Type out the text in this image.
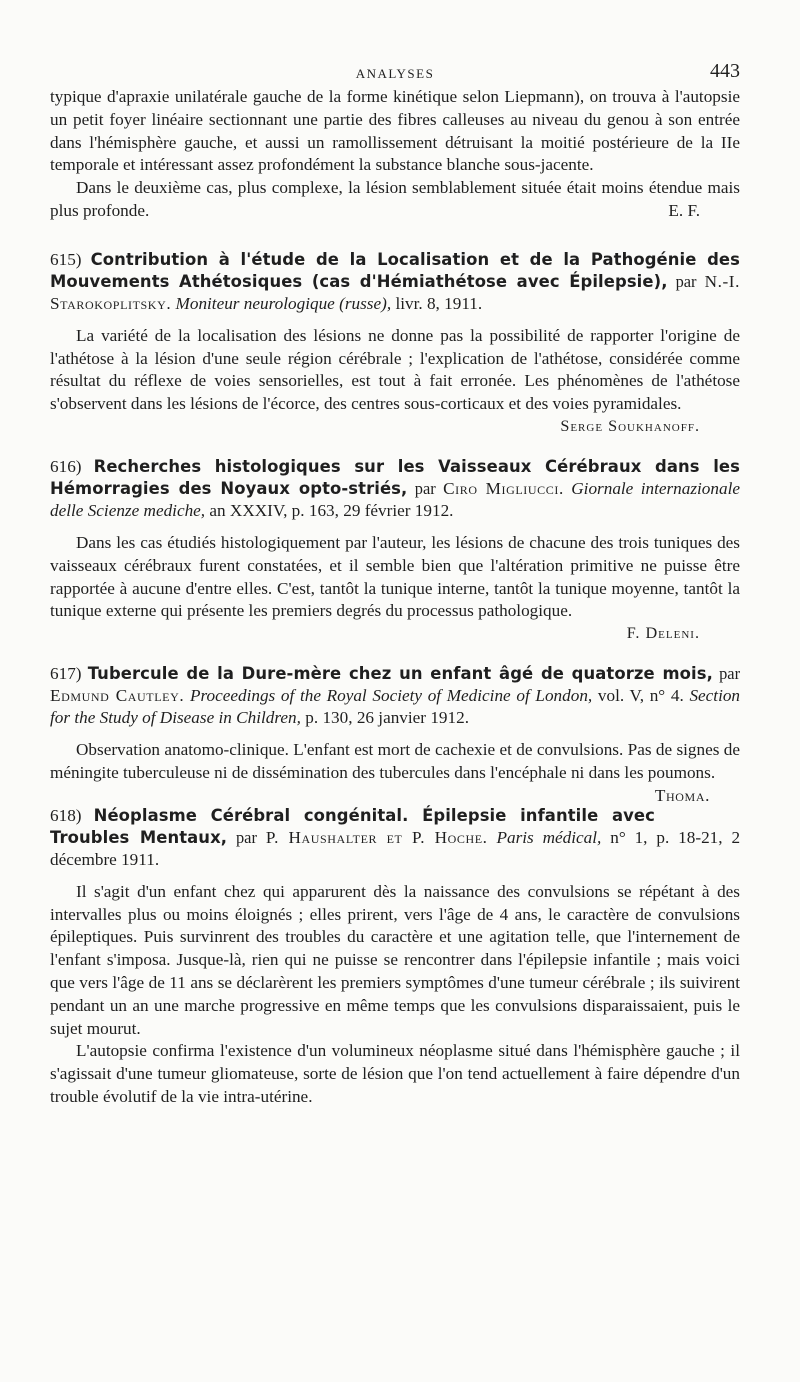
ANALYSES	443

typique d'apraxie unilatérale gauche de la forme kinétique selon Liepmann), on trouva à l'autopsie un petit foyer linéaire sectionnant une partie des fibres calleuses au niveau du genou à son entrée dans l'hémisphère gauche, et aussi un ramollissement détruisant la moitié postérieure de la IIe temporale et intéressant assez profondément la substance blanche sous-jacente.

Dans le deuxième cas, plus complexe, la lésion semblablement située était moins étendue mais plus profonde.	E. F.

615) Contribution à l'étude de la Localisation et de la Pathogénie des Mouvements Athétosiques (cas d'Hémiathétose avec Épilepsie), par N.-I. Starokoplitsky. Moniteur neurologique (russe), livr. 8, 1911.

La variété de la localisation des lésions ne donne pas la possibilité de rapporter l'origine de l'athétose à la lésion d'une seule région cérébrale ; l'explication de l'athétose, considérée comme résultat du réflexe de voies sensorielles, est tout à fait erronée. Les phénomènes de l'athétose s'observent dans les lésions de l'écorce, des centres sous-corticaux et des voies pyramidales.

Serge Soukhanoff.

616) Recherches histologiques sur les Vaisseaux Cérébraux dans les Hémorragies des Noyaux opto-striés, par Ciro Migliucci. Giornale internazionale delle Scienze mediche, an XXXIV, p. 163, 29 février 1912.

Dans les cas étudiés histologiquement par l'auteur, les lésions de chacune des trois tuniques des vaisseaux cérébraux furent constatées, et il semble bien que l'altération primitive ne puisse être rapportée à aucune d'entre elles. C'est, tantôt la tunique interne, tantôt la tunique moyenne, tantôt la tunique externe qui présente les premiers degrés du processus pathologique.

F. Deleni.

617) Tubercule de la Dure-mère chez un enfant âgé de quatorze mois, par Edmund Cautley. Proceedings of the Royal Society of Medicine of London, vol. V, n° 4. Section for the Study of Disease in Children, p. 130, 26 janvier 1912.

Observation anatomo-clinique. L'enfant est mort de cachexie et de convulsions. Pas de signes de méningite tuberculeuse ni de dissémination des tubercules dans l'encéphale ni dans les poumons.
Thoma.

618) Néoplasme Cérébral congénital. Épilepsie infantile avec Troubles Mentaux, par P. Haushalter et P. Hoche. Paris médical, n° 1, p. 18-21, 2 décembre 1911.

Il s'agit d'un enfant chez qui apparurent dès la naissance des convulsions se répétant à des intervalles plus ou moins éloignés ; elles prirent, vers l'âge de 4 ans, le caractère de convulsions épileptiques. Puis survinrent des troubles du caractère et une agitation telle, que l'internement de l'enfant s'imposa. Jusque-là, rien qui ne puisse se rencontrer dans l'épilepsie infantile ; mais voici que vers l'âge de 11 ans se déclarèrent les premiers symptômes d'une tumeur cérébrale ; ils suivirent pendant un an une marche progressive en même temps que les convulsions disparaissaient, puis le sujet mourut.

L'autopsie confirma l'existence d'un volumineux néoplasme situé dans l'hémisphère gauche ; il s'agissait d'une tumeur gliomateuse, sorte de lésion que l'on tend actuellement à faire dépendre d'un trouble évolutif de la vie intra-utérine.
